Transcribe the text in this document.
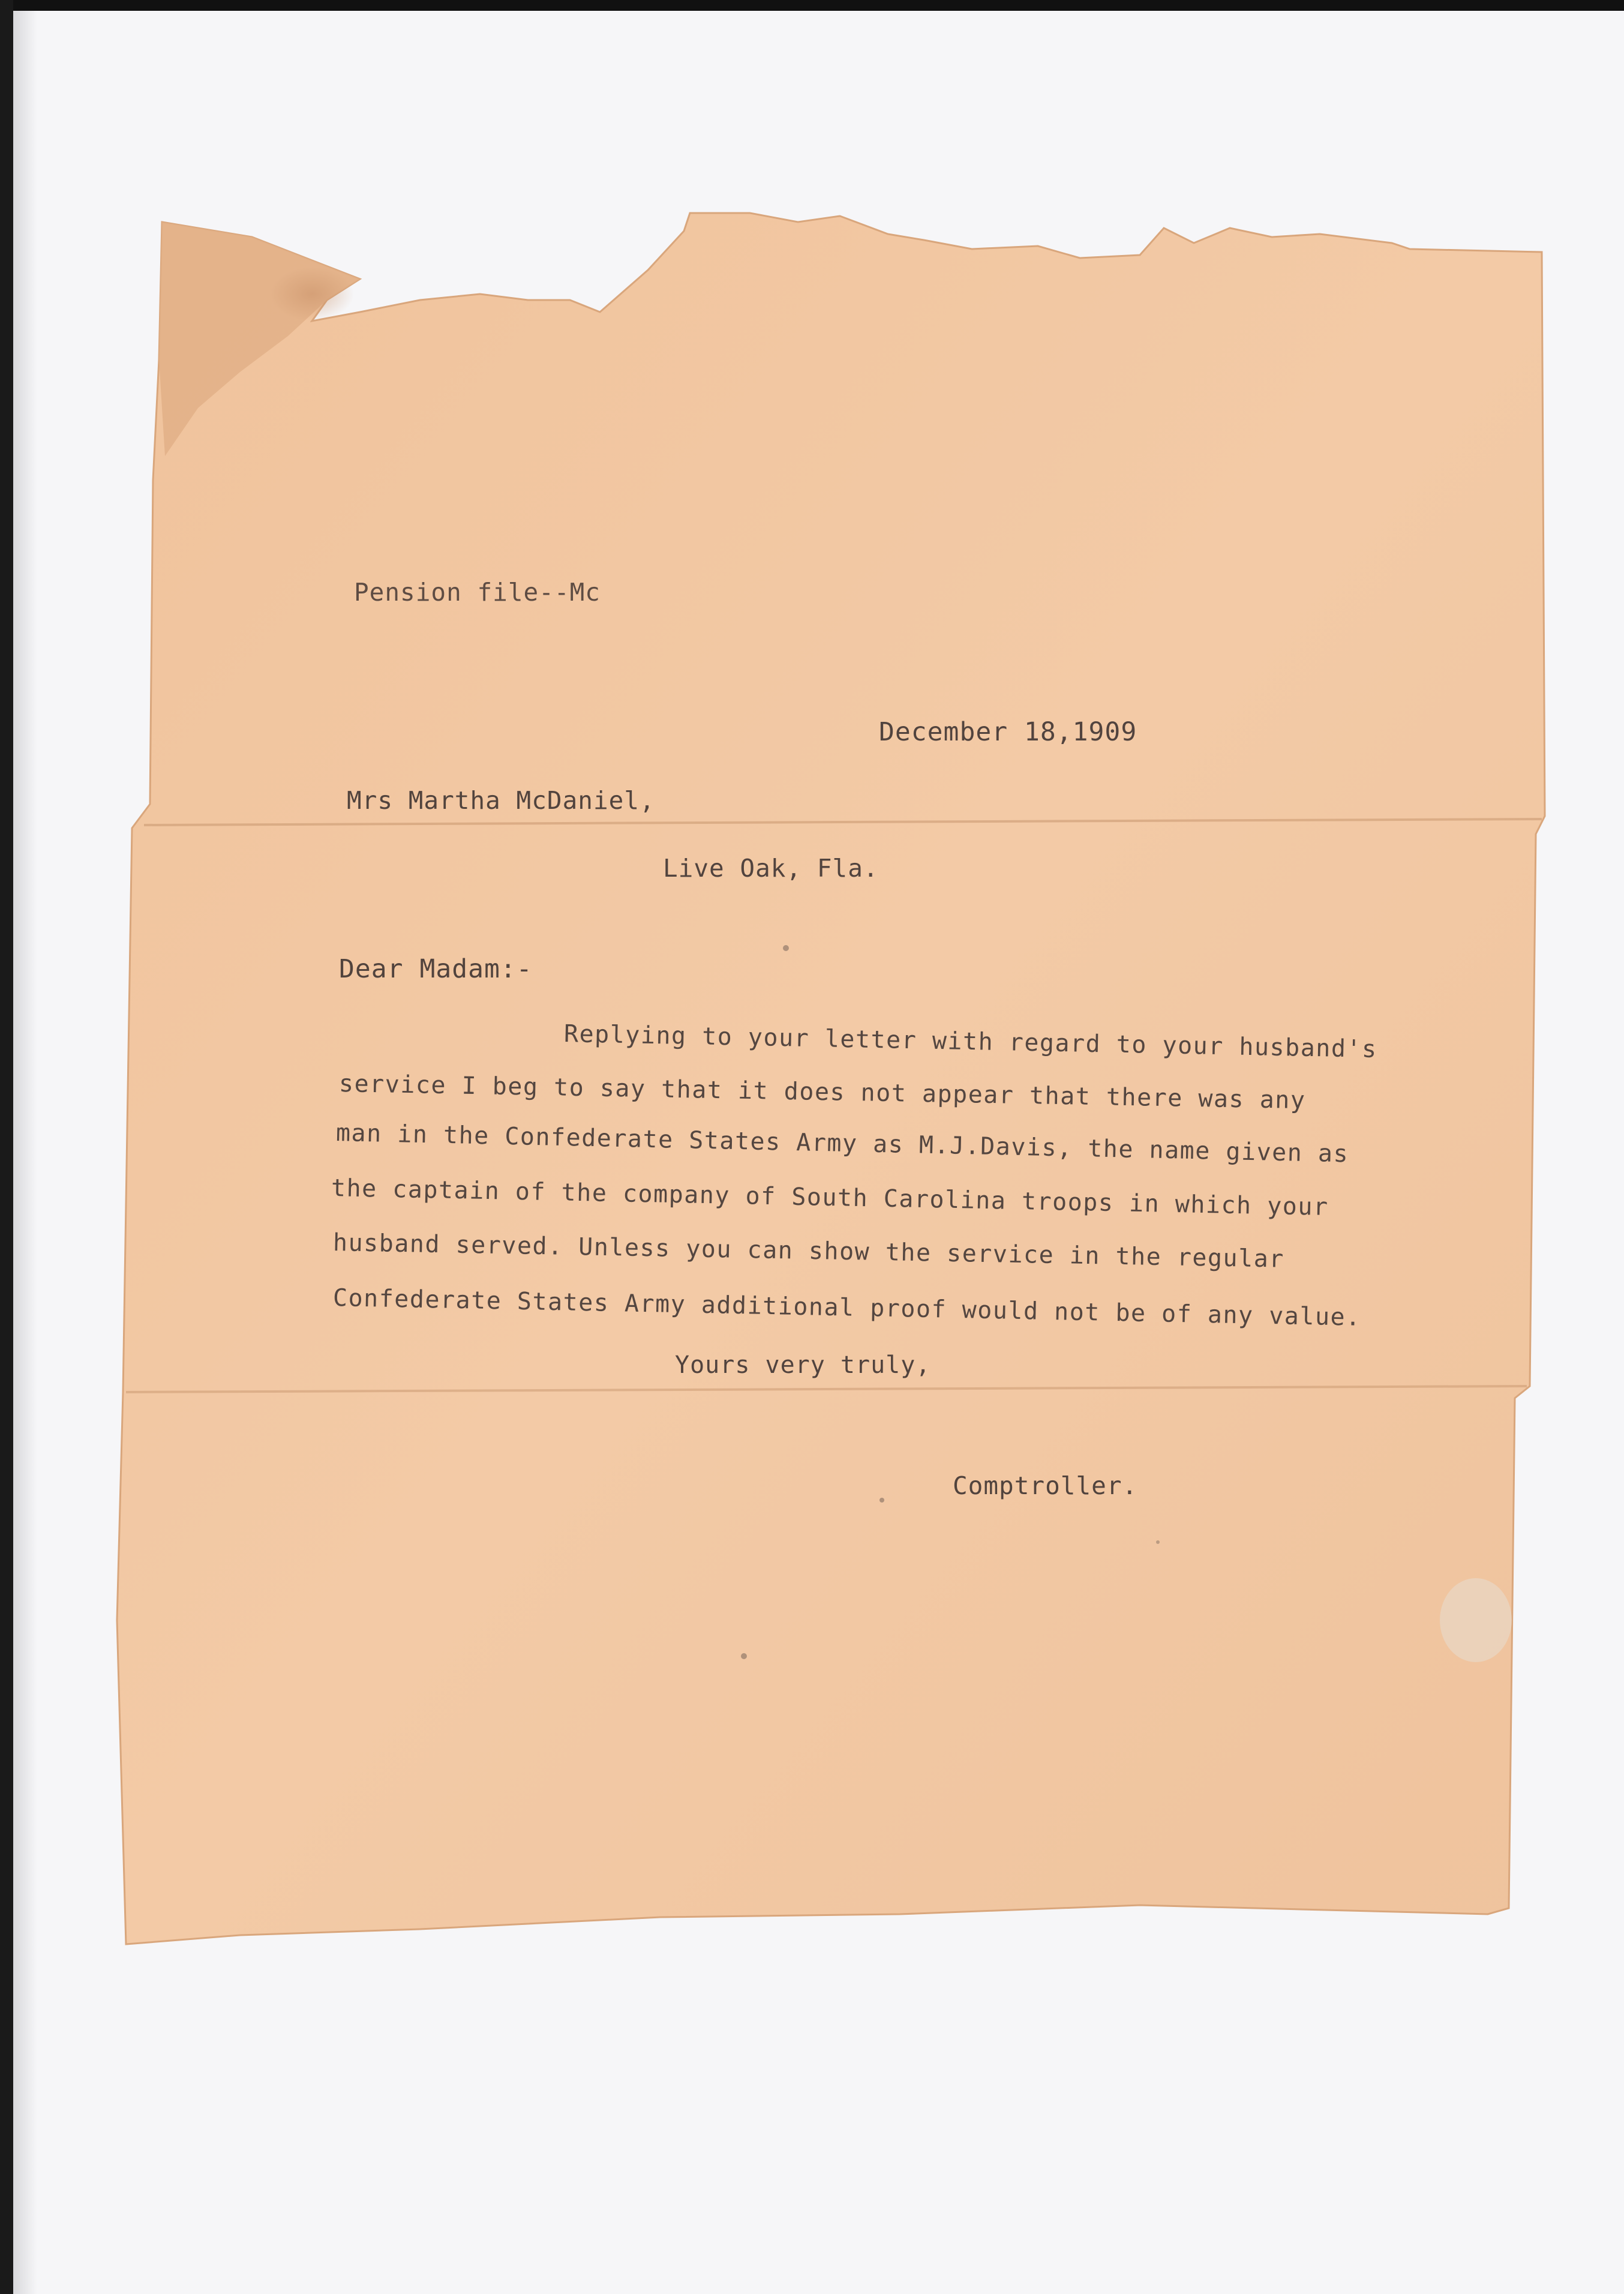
Pension file--Mc
December 18,1909
Mrs Martha McDaniel,
Live Oak, Fla.
Dear Madam:-
Replying to your letter with regard to your husband's
service I beg to say that it does not appear that there was any
man in the Confederate States Army as M.J.Davis, the name given as
the captain of the company of South Carolina troops in which your
husband served. Unless you can show the service in the regular
Confederate States Army additional proof would not be of any value.
Yours very truly,
Comptroller.
